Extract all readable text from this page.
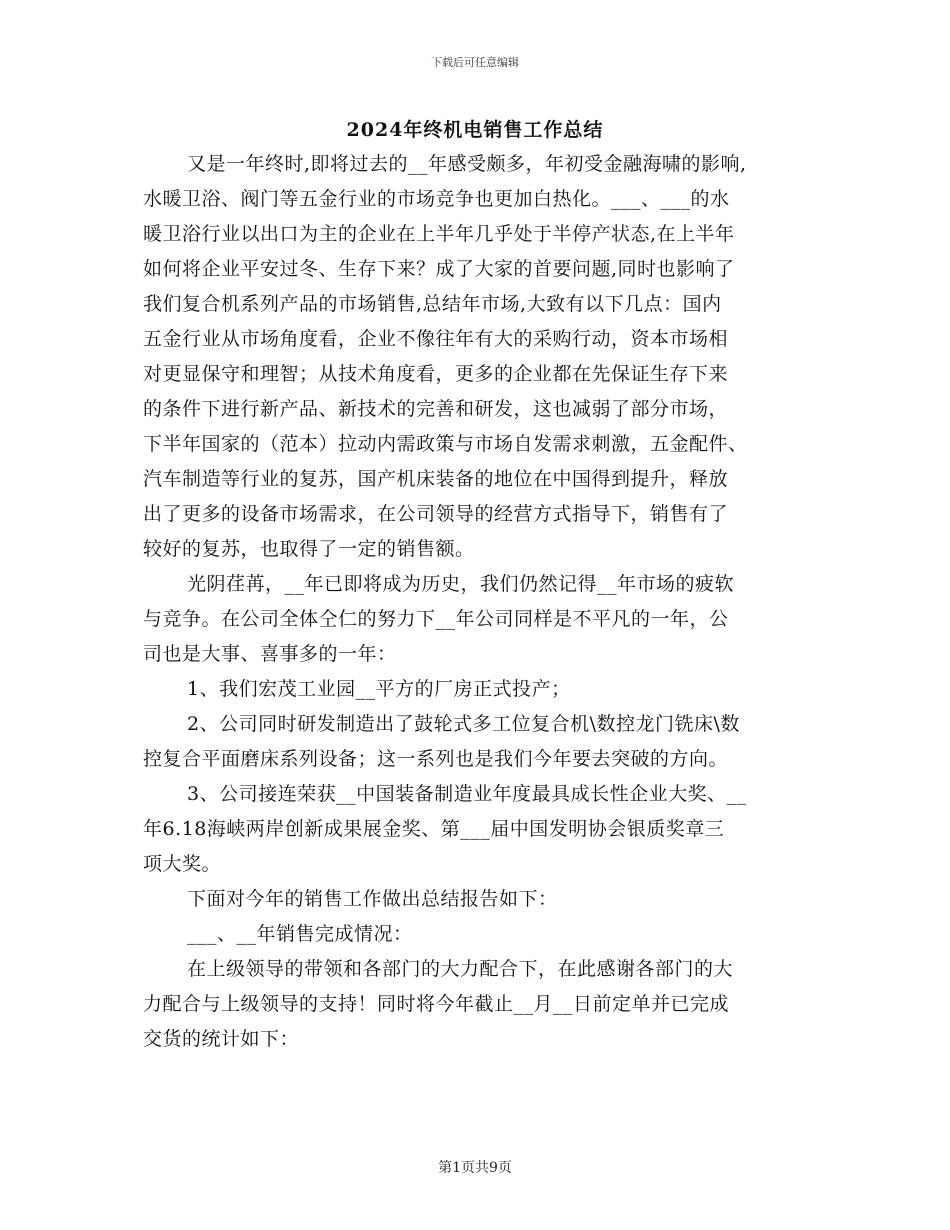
下载后可任意编辑
2024年终机电销售工作总结
又是一年终时,即将过去的__年感受颇多，年初受金融海啸的影响,
水暖卫浴、阀门等五金行业的市场竞争也更加白热化。___、___的水
暖卫浴行业以出口为主的企业在上半年几乎处于半停产状态,在上半年
如何将企业平安过冬、生存下来？成了大家的首要问题,同时也影响了
我们复合机系列产品的市场销售,总结年市场,大致有以下几点：国内
五金行业从市场角度看，企业不像往年有大的采购行动，资本市场相
对更显保守和理智；从技术角度看，更多的企业都在先保证生存下来
的条件下进行新产品、新技术的完善和研发，这也减弱了部分市场，
下半年国家的（范本）拉动内需政策与市场自发需求刺激，五金配件、
汽车制造等行业的复苏，国产机床装备的地位在中国得到提升，释放
出了更多的设备市场需求，在公司领导的经营方式指导下，销售有了
较好的复苏，也取得了一定的销售额。
光阴荏苒，__年已即将成为历史，我们仍然记得__年市场的疲软
与竞争。在公司全体仝仁的努力下__年公司同样是不平凡的一年，公
司也是大事、喜事多的一年：
1、我们宏茂工业园__平方的厂房正式投产；
2、公司同时研发制造出了鼓轮式多工位复合机\数控龙门铣床\数
控复合平面磨床系列设备；这一系列也是我们今年要去突破的方向。
3、公司接连荣获__中国装备制造业年度最具成长性企业大奖、__
年6.18海峡两岸创新成果展金奖、第___届中国发明协会银质奖章三
项大奖。
下面对今年的销售工作做出总结报告如下：
___、__年销售完成情况：
在上级领导的带领和各部门的大力配合下，在此感谢各部门的大
力配合与上级领导的支持！同时将今年截止__月__日前定单并已完成
交货的统计如下：
第1页共9页
